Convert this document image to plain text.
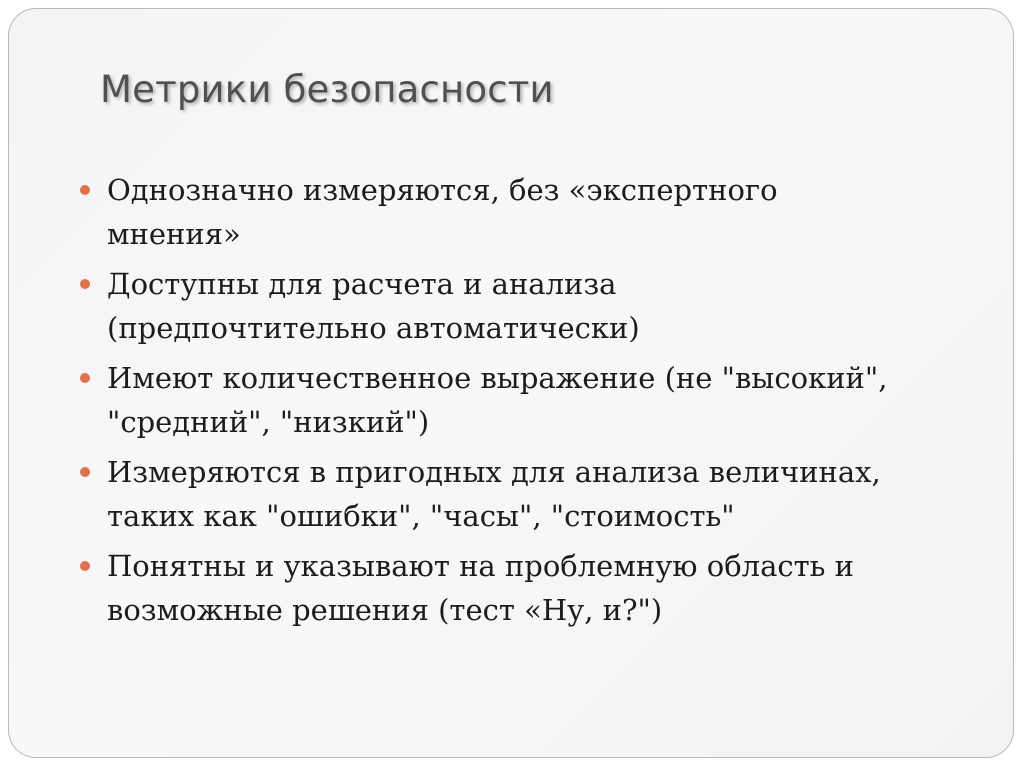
Метрики безопасности
Однозначно измеряются, без «экспертного
мнения»
Доступны для расчета и анализа
(предпочтительно автоматически)
Имеют количественное выражение (не "высокий",
"средний", "низкий")
Измеряются в пригодных для анализа величинах,
таких как "ошибки", "часы", "стоимость"
Понятны и указывают на проблемную область и
возможные решения (тест «Ну, и?")
